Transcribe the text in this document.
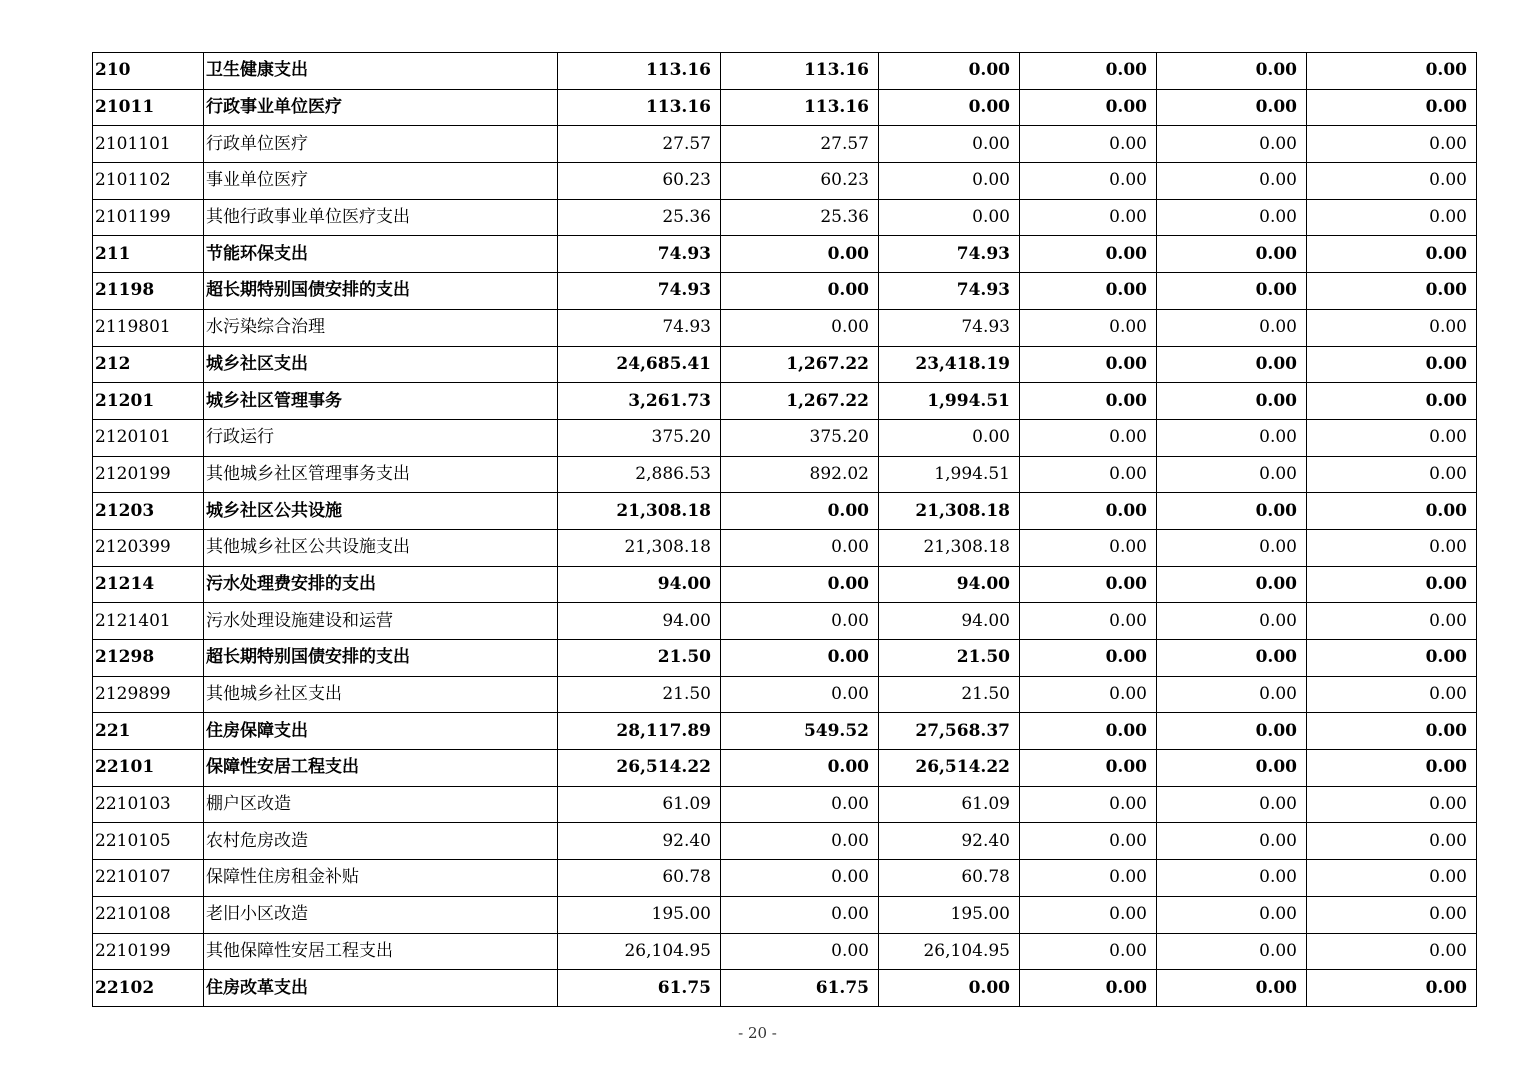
210	卫生健康支出	113.16	113.16	0.00	0.00	0.00	0.00
21011	行政事业单位医疗	113.16	113.16	0.00	0.00	0.00	0.00
2101101	行政单位医疗	27.57	27.57	0.00	0.00	0.00	0.00
2101102	事业单位医疗	60.23	60.23	0.00	0.00	0.00	0.00
2101199	其他行政事业单位医疗支出	25.36	25.36	0.00	0.00	0.00	0.00
211	节能环保支出	74.93	0.00	74.93	0.00	0.00	0.00
21198	超长期特别国债安排的支出	74.93	0.00	74.93	0.00	0.00	0.00
2119801	水污染综合治理	74.93	0.00	74.93	0.00	0.00	0.00
212	城乡社区支出	24,685.41	1,267.22	23,418.19	0.00	0.00	0.00
21201	城乡社区管理事务	3,261.73	1,267.22	1,994.51	0.00	0.00	0.00
2120101	行政运行	375.20	375.20	0.00	0.00	0.00	0.00
2120199	其他城乡社区管理事务支出	2,886.53	892.02	1,994.51	0.00	0.00	0.00
21203	城乡社区公共设施	21,308.18	0.00	21,308.18	0.00	0.00	0.00
2120399	其他城乡社区公共设施支出	21,308.18	0.00	21,308.18	0.00	0.00	0.00
21214	污水处理费安排的支出	94.00	0.00	94.00	0.00	0.00	0.00
2121401	污水处理设施建设和运营	94.00	0.00	94.00	0.00	0.00	0.00
21298	超长期特别国债安排的支出	21.50	0.00	21.50	0.00	0.00	0.00
2129899	其他城乡社区支出	21.50	0.00	21.50	0.00	0.00	0.00
221	住房保障支出	28,117.89	549.52	27,568.37	0.00	0.00	0.00
22101	保障性安居工程支出	26,514.22	0.00	26,514.22	0.00	0.00	0.00
2210103	棚户区改造	61.09	0.00	61.09	0.00	0.00	0.00
2210105	农村危房改造	92.40	0.00	92.40	0.00	0.00	0.00
2210107	保障性住房租金补贴	60.78	0.00	60.78	0.00	0.00	0.00
2210108	老旧小区改造	195.00	0.00	195.00	0.00	0.00	0.00
2210199	其他保障性安居工程支出	26,104.95	0.00	26,104.95	0.00	0.00	0.00
22102	住房改革支出	61.75	61.75	0.00	0.00	0.00	0.00
- 20 -
